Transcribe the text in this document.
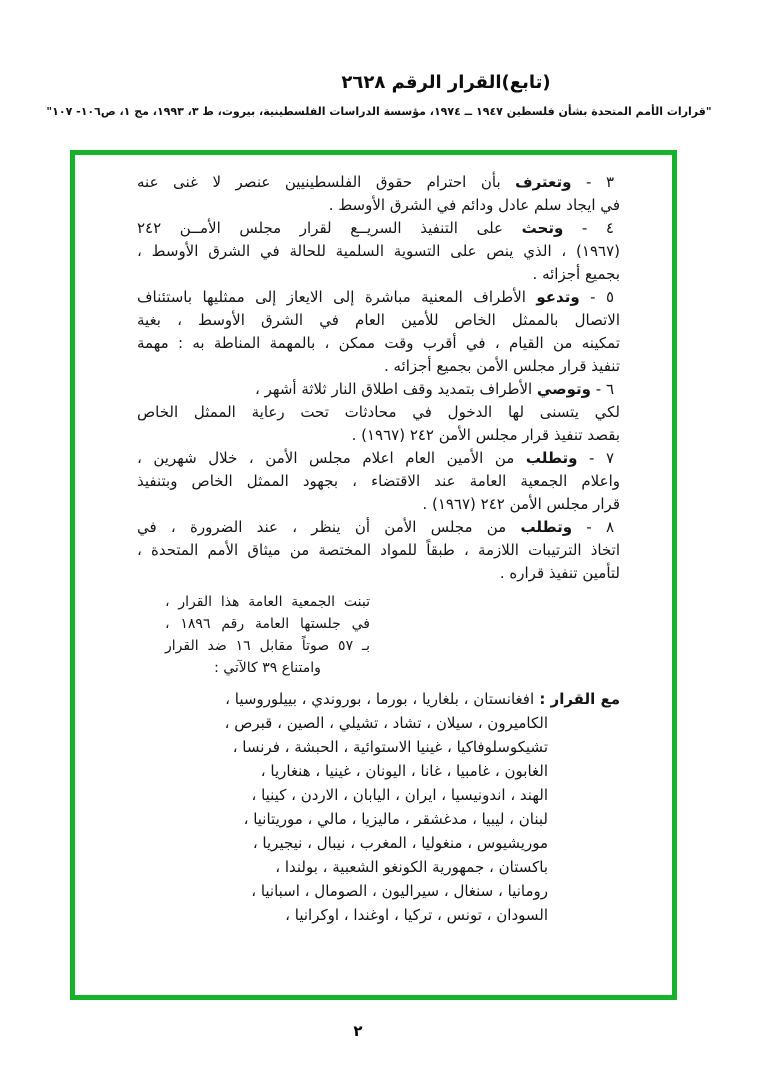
(تابع)القرار الرقم ٢٦٢٨
"قرارات الأمم المتحدة بشأن فلسطين ١٩٤٧ ــ ١٩٧٤، مؤسسة الدراسات الفلسطينية، بيروت، ط ٣، ١٩٩٣، مج ١، ص١٠٦- ١٠٧"
٣ - وتعترف بأن احترام حقوق الفلسطينيين عنصر لا غنى عنه
في ايجاد سلم عادل ودائم في الشرق الأوسط .
٤ - وتحث على التنفيذ السريــع لقرار مجلس الأمــن ٢٤٢
(١٩٦٧) ، الذي ينص على التسوية السلمية للحالة في الشرق الأوسط ،
بجميع أجزائه .
٥ - وتدعو الأطراف المعنية مباشرة إلى الايعاز إلى ممثليها باستئناف
الاتصال بالممثل الخاص للأمين العام في الشرق الأوسط ، بغية
تمكينه من القيام ، في أقرب وقت ممكن ، بالمهمة المناطة به : مهمة
تنفيذ قرار مجلس الأمن بجميع أجزائه .
٦ - وتوصي الأطراف بتمديد وقف اطلاق النار ثلاثة أشهر ،
لكي يتسنى لها الدخول في محادثات تحت رعاية الممثل الخاص
بقصد تنفيذ قرار مجلس الأمن ٢٤٢ (١٩٦٧) .
٧ - وتطلب من الأمين العام اعلام مجلس الأمن ، خلال شهرين ،
واعلام الجمعية العامة عند الاقتضاء ، بجهود الممثل الخاص وبتنفيذ
قرار مجلس الأمن ٢٤٢ (١٩٦٧) .
٨ - وتطلب من مجلس الأمن أن ينظر ، عند الضرورة ، في
اتخاذ الترتيبات اللازمة ، طبقاً للمواد المختصة من ميثاق الأمم المتحدة ،
لتأمين تنفيذ قراره .
تبنت الجمعية العامة هذا القرار ،
في جلستها العامة رقم ١٨٩٦ ،
بـ ٥٧ صوتاً مقابل ١٦ ضد القرار
وامتناع ٣٩ كالآتي :
مع القرار : افغانستان ، بلغاريا ، بورما ، بوروندي ، بييلوروسيا ،
الكاميرون ، سيلان ، تشاد ، تشيلي ، الصين ، قبرص ،
تشيكوسلوفاكيا ، غينيا الاستوائية ، الحبشة ، فرنسا ،
الغابون ، غامبيا ، غانا ، اليونان ، غينيا ، هنغاريا ،
الهند ، اندونيسيا ، ايران ، اليابان ، الاردن ، كينيا ،
لبنان ، ليبيا ، مدغشقر ، ماليزيا ، مالي ، موريتانيا ،
موريشيوس ، منغوليا ، المغرب ، نيبال ، نيجيريا ،
باكستان ، جمهورية الكونغو الشعبية ، بولندا ،
رومانيا ، سنغال ، سيراليون ، الصومال ، اسبانيا ،
السودان ، تونس ، تركيا ، اوغندا ، اوكرانيا ،
٢
